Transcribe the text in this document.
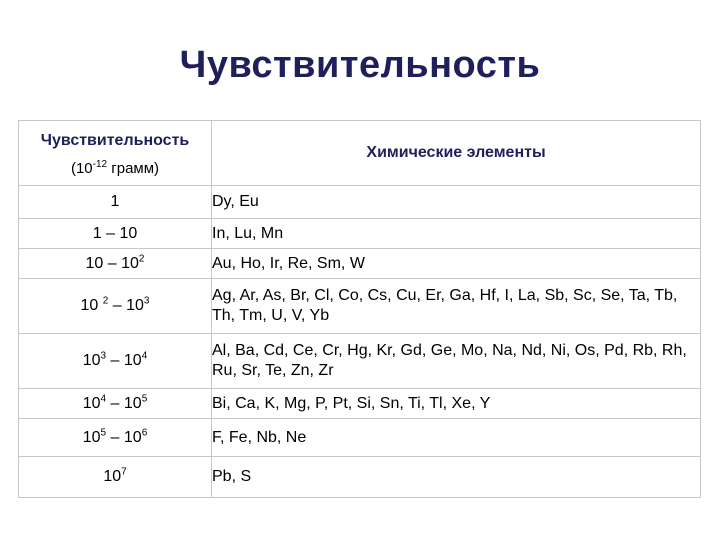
Чувствительность
Чувствительность
($10^{-12}$ грамм)	Химические элементы
1	Dy, Eu
1 – 10	In, Lu, Mn
$10 - 10^2$	Au, Ho, Ir, Re, Sm, W
10 $^2 - 10^3$	Ag, Ar, As, Br, Cl, Co, Cs, Cu, Er, Ga, Hf, I, La, Sb, Sc, Se, Ta, Tb, Th, Tm, U, V, Yb
$10^3 - 10^4$	Al, Ba, Cd, Ce, Cr, Hg, Kr, Gd, Ge, Mo, Na, Nd, Ni, Os, Pd, Rb, Rh, Ru, Sr, Te, Zn, Zr
$10^4 - 10^5$	Bi, Ca, K, Mg, P, Pt, Si, Sn, Ti, Tl, Xe, Y
$10^5 - 10^6$	F, Fe, Nb, Ne
$10^7$	Pb, S
